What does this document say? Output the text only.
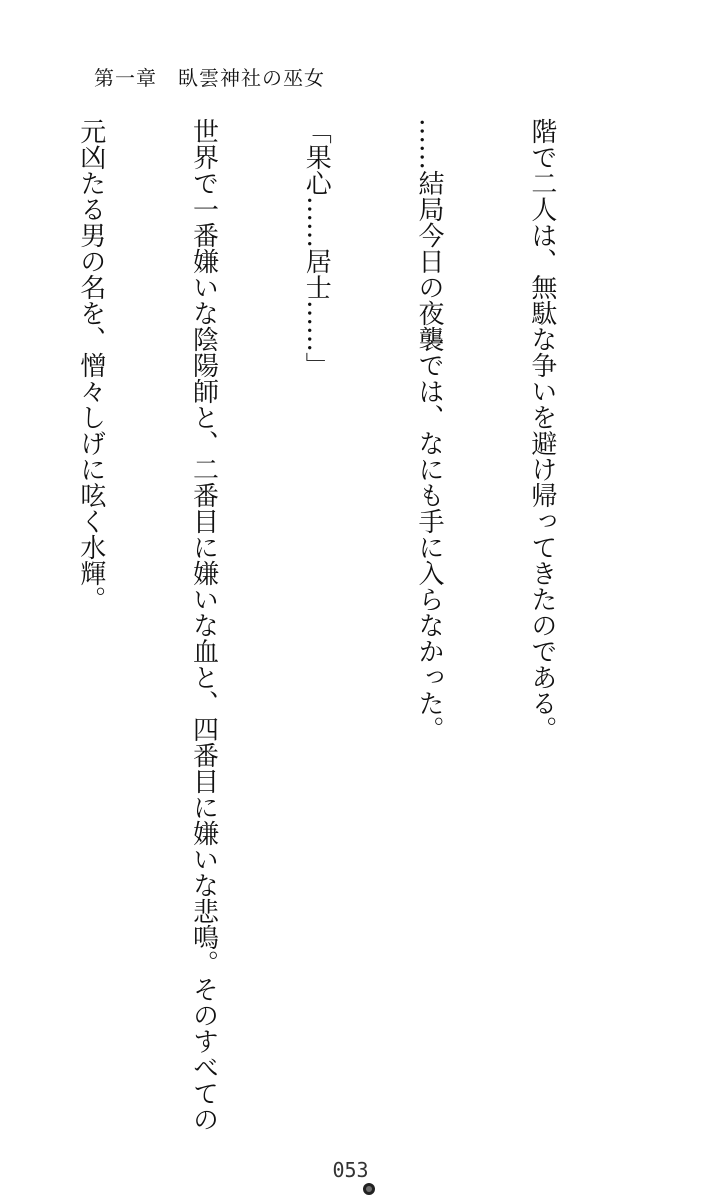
第一章　臥雲神社の巫女

階で二人は、無駄な争いを避け帰ってきたのである。

……結局今日の夜襲では、なにも手に入らなかった。

「果心……居士……」

世界で一番嫌いな陰陽師と、二番目に嫌いな血と、四番目に嫌いな悲鳴。そのすべての

元凶たる男の名を、憎々しげに呟く水輝。

053
